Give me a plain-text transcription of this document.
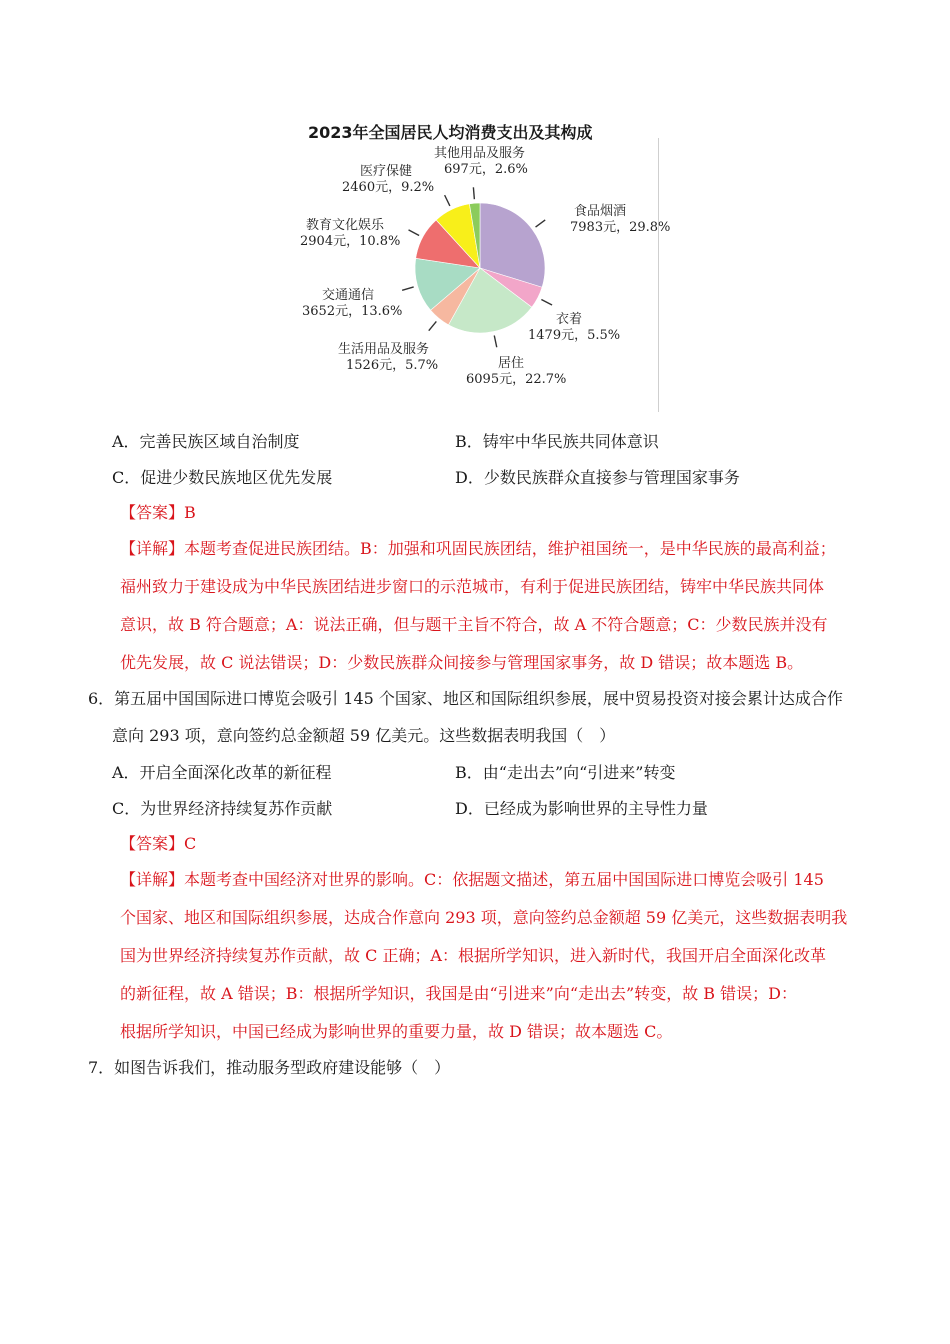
2023年全国居民人均消费支出及其构成
食品烟酒
7983元，29.8%
衣着
1479元，5.5%
居住
6095元，22.7%
生活用品及服务
1526元，5.7%
交通通信
3652元，13.6%
教育文化娱乐
2904元，10.8%
医疗保健
2460元，9.2%
其他用品及服务
697元，2.6%
A．完善民族区域自治制度	B．铸牢中华民族共同体意识
C．促进少数民族地区优先发展	D．少数民族群众直接参与管理国家事务
【答案】B
【详解】本题考查促进民族团结。B：加强和巩固民族团结，维护祖国统一，是中华民族的最高利益；
福州致力于建设成为中华民族团结进步窗口的示范城市，有利于促进民族团结，铸牢中华民族共同体
意识，故 B 符合题意；A：说法正确，但与题干主旨不符合，故 A 不符合题意；C：少数民族并没有
优先发展，故 C 说法错误；D：少数民族群众间接参与管理国家事务，故 D 错误；故本题选 B。
6．第五届中国国际进口博览会吸引 145 个国家、地区和国际组织参展，展中贸易投资对接会累计达成合作
意向 293 项，意向签约总金额超 59 亿美元。这些数据表明我国（　）
A．开启全面深化改革的新征程	B．由“走出去”向“引进来”转变
C．为世界经济持续复苏作贡献	D．已经成为影响世界的主导性力量
【答案】C
【详解】本题考查中国经济对世界的影响。C：依据题文描述，第五届中国国际进口博览会吸引 145
个国家、地区和国际组织参展，达成合作意向 293 项，意向签约总金额超 59 亿美元，这些数据表明我
国为世界经济持续复苏作贡献，故 C 正确；A：根据所学知识，进入新时代，我国开启全面深化改革
的新征程，故 A 错误；B：根据所学知识，我国是由“引进来”向“走出去”转变，故 B 错误；D：
根据所学知识，中国已经成为影响世界的重要力量，故 D 错误；故本题选 C。
7．如图告诉我们，推动服务型政府建设能够（　）
